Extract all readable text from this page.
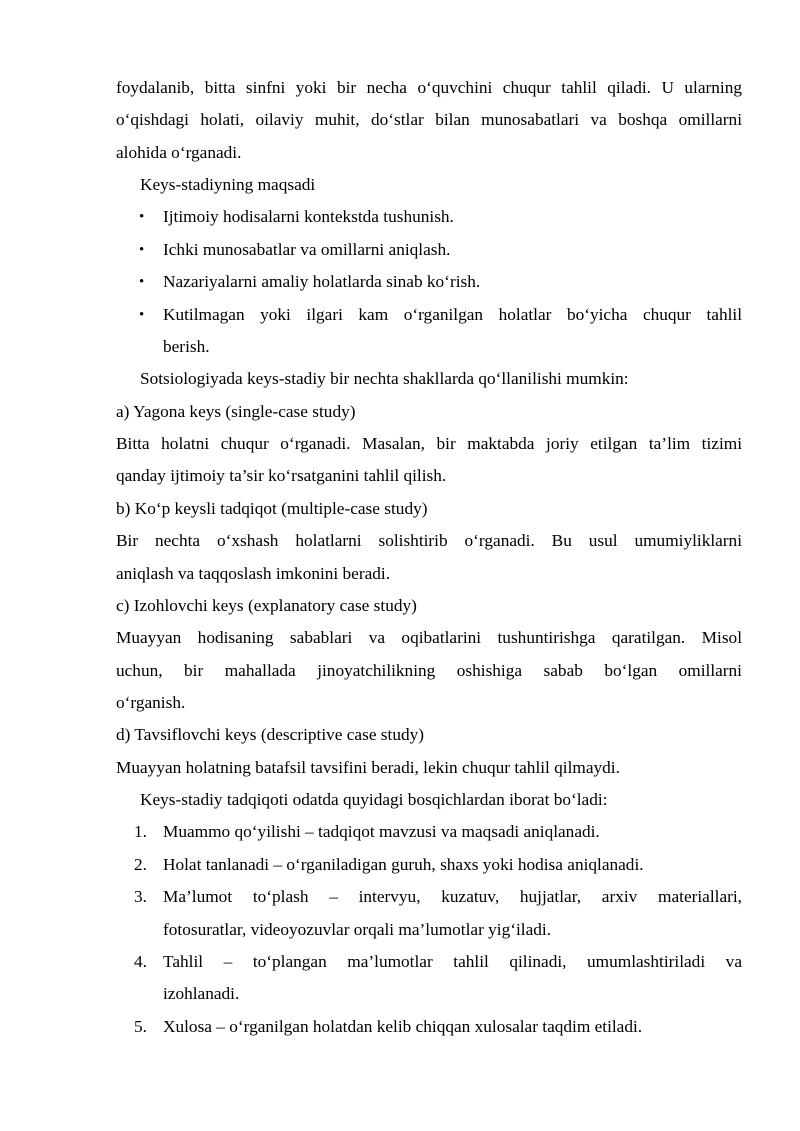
foydalanib, bitta sinfni yoki bir necha o‘quvchini chuqur tahlil qiladi. U ularning
o‘qishdagi holati, oilaviy muhit, do‘stlar bilan munosabatlari va boshqa omillarni
alohida o‘rganadi.
Keys-stadiyning maqsadi
• Ijtimoiy hodisalarni kontekstda tushunish.
• Ichki munosabatlar va omillarni aniqlash.
• Nazariyalarni amaliy holatlarda sinab ko‘rish.
• Kutilmagan yoki ilgari kam o‘rganilgan holatlar bo‘yicha chuqur tahlil
berish.
Sotsiologiyada keys-stadiy bir nechta shakllarda qo‘llanilishi mumkin:
a) Yagona keys (single-case study)
Bitta holatni chuqur o‘rganadi. Masalan, bir maktabda joriy etilgan ta’lim tizimi
qanday ijtimoiy ta’sir ko‘rsatganini tahlil qilish.
b) Ko‘p keysli tadqiqot (multiple-case study)
Bir nechta o‘xshash holatlarni solishtirib o‘rganadi. Bu usul umumiyliklarni
aniqlash va taqqoslash imkonini beradi.
c) Izohlovchi keys (explanatory case study)
Muayyan hodisaning sabablari va oqibatlarini tushuntirishga qaratilgan. Misol
uchun, bir mahallada jinoyatchilikning oshishiga sabab bo‘lgan omillarni
o‘rganish.
d) Tavsiflovchi keys (descriptive case study)
Muayyan holatning batafsil tavsifini beradi, lekin chuqur tahlil qilmaydi.
Keys-stadiy tadqiqoti odatda quyidagi bosqichlardan iborat bo‘ladi:
1. Muammo qo‘yilishi – tadqiqot mavzusi va maqsadi aniqlanadi.
2. Holat tanlanadi – o‘rganiladigan guruh, shaxs yoki hodisa aniqlanadi.
3. Ma’lumot to‘plash – intervyu, kuzatuv, hujjatlar, arxiv materiallari,
fotosuratlar, videoyozuvlar orqali ma’lumotlar yig‘iladi.
4. Tahlil – to‘plangan ma’lumotlar tahlil qilinadi, umumlashtiriladi va
izohlanadi.
5. Xulosa – o‘rganilgan holatdan kelib chiqqan xulosalar taqdim etiladi.
